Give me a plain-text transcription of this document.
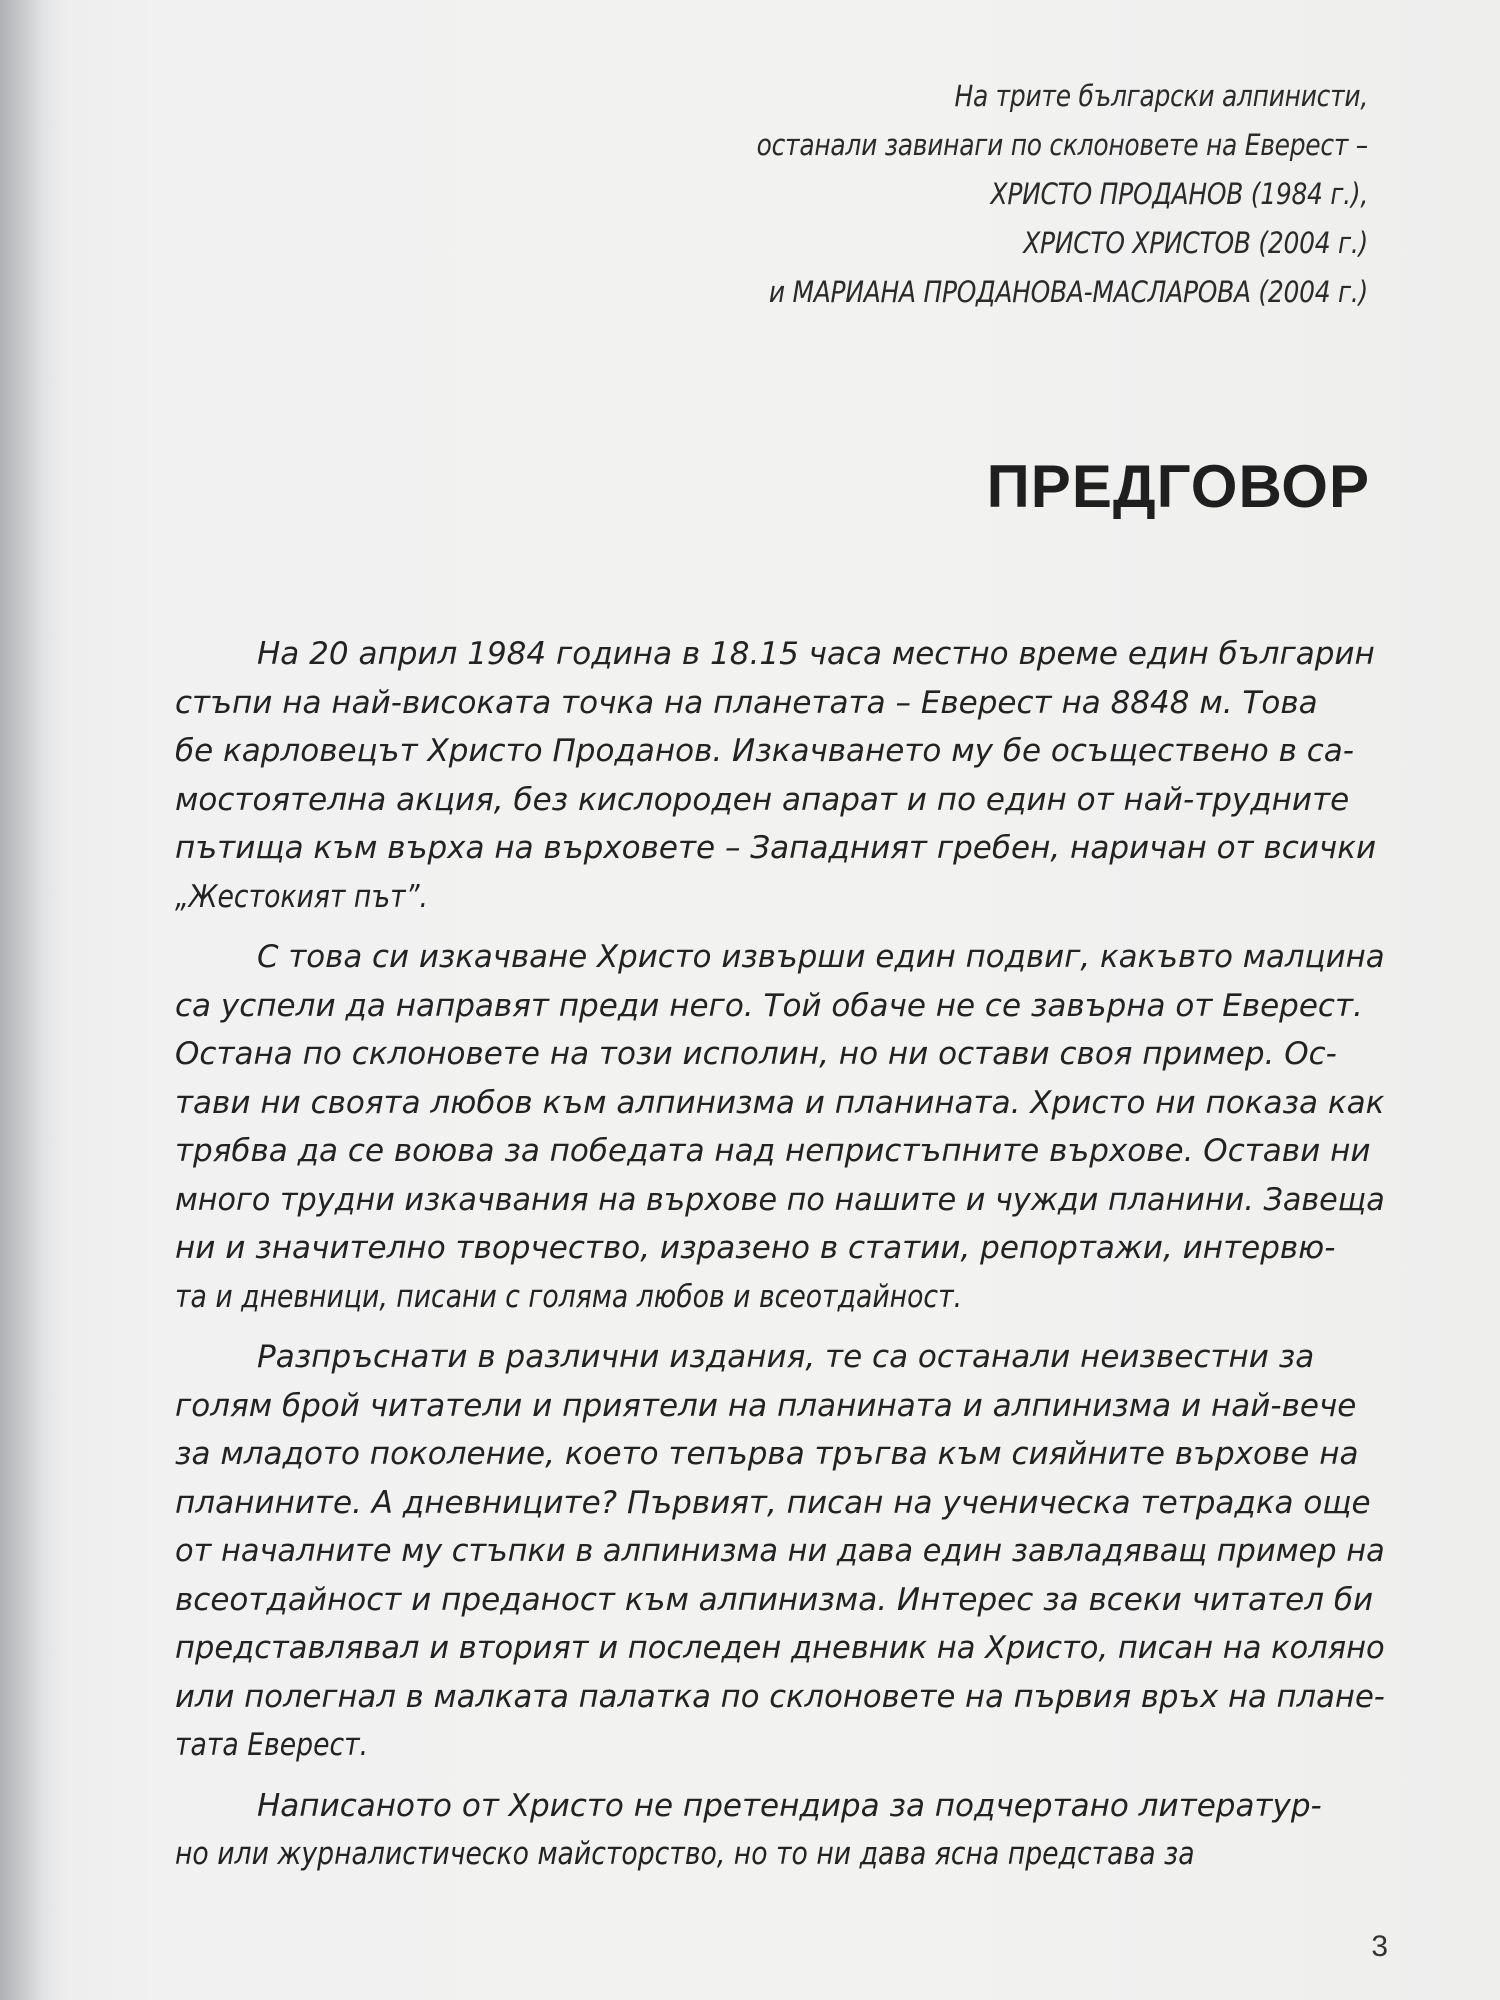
На трите български алпинисти,
останали завинаги по склоновете на Еверест –
ХРИСТО ПРОДАНОВ (1984 г.),
ХРИСТО ХРИСТОВ (2004 г.)
и МАРИАНА ПРОДАНОВА-МАСЛАРОВА (2004 г.)
ПРЕДГОВОР

На 20 април 1984 година в 18.15 часа местно време един българин
стъпи на най-високата точка на планетата – Еверест на 8848 м. Това
бе карловецът Христо Проданов. Изкачването му бе осъществено в са-
мостоятелна акция, без кислороден апарат и по един от най-трудните
пътища към върха на върховете – Западният гребен, наричан от всички
„Жестокият път”.

С това си изкачване Христо извърши един подвиг, какъвто малцина
са успели да направят преди него. Той обаче не се завърна от Еверест.
Остана по склоновете на този исполин, но ни остави своя пример. Ос-
тави ни своята любов към алпинизма и планината. Христо ни показа как
трябва да се воюва за победата над непристъпните върхове. Остави ни
много трудни изкачвания на върхове по нашите и чужди планини. Завеща
ни и значително творчество, изразено в статии, репортажи, интервю-
та и дневници, писани с голяма любов и всеотдайност.

Разпръснати в различни издания, те са останали неизвестни за
голям брой читатели и приятели на планината и алпинизма и най-вече
за младото поколение, което тепърва тръгва към сияйните върхове на
планините. А дневниците? Първият, писан на ученическа тетрадка още
от началните му стъпки в алпинизма ни дава един завладяващ пример на
всеотдайност и преданост към алпинизма. Интерес за всеки читател би
представлявал и вторият и последен дневник на Христо, писан на коляно
или полегнал в малката палатка по склоновете на първия връх на плане-
тата Еверест.

Написаното от Христо не претендира за подчертано литератур-
но или журналистическо майсторство, но то ни дава ясна представа за

3
